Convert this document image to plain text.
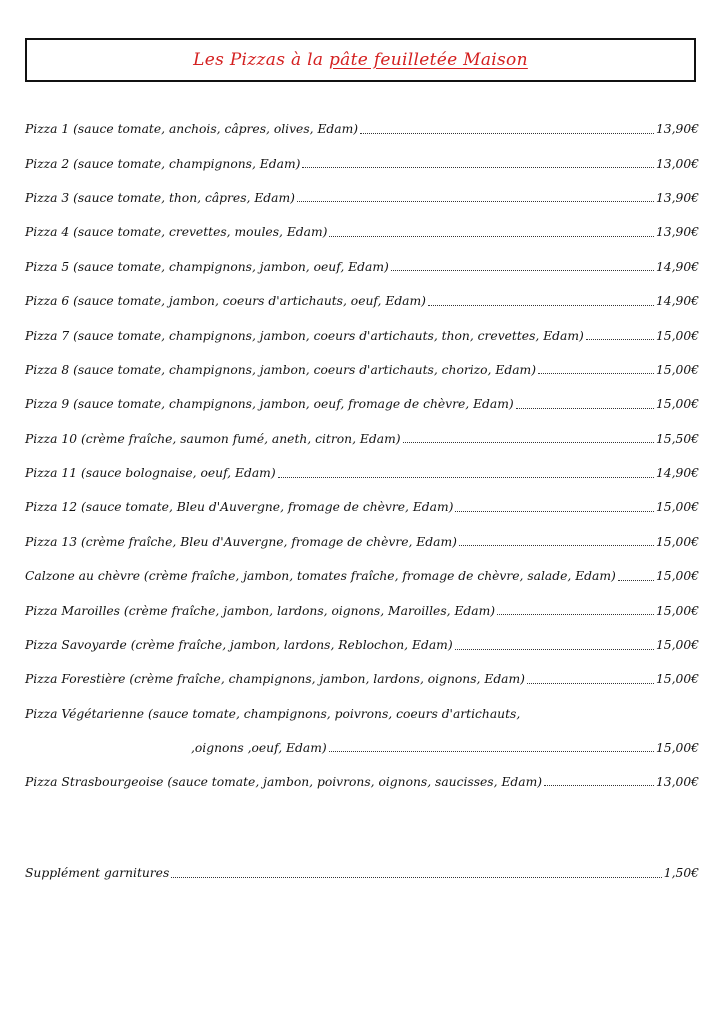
Les Pizzas à la pâte feuilletée Maison
Pizza 1 (sauce tomate, anchois, câpres, olives, Edam)	13,90€
Pizza 2 (sauce tomate, champignons, Edam)	13,00€
Pizza 3 (sauce tomate, thon, câpres, Edam)	13,90€
Pizza 4 (sauce tomate, crevettes, moules, Edam)	13,90€
Pizza 5 (sauce tomate, champignons, jambon, oeuf, Edam)	14,90€
Pizza 6 (sauce tomate, jambon, coeurs d'artichauts, oeuf, Edam)	14,90€
Pizza 7 (sauce tomate, champignons, jambon, coeurs d'artichauts, thon, crevettes, Edam)	15,00€
Pizza 8 (sauce tomate, champignons, jambon, coeurs d'artichauts, chorizo, Edam)	15,00€
Pizza 9 (sauce tomate, champignons, jambon, oeuf, fromage de chèvre, Edam)	15,00€
Pizza 10 (crème fraîche, saumon fumé, aneth, citron, Edam)	15,50€
Pizza 11 (sauce bolognaise, oeuf, Edam)	14,90€
Pizza 12 (sauce tomate, Bleu d'Auvergne, fromage de chèvre, Edam)	15,00€
Pizza 13 (crème fraîche, Bleu d'Auvergne, fromage de chèvre, Edam)	15,00€
Calzone au chèvre (crème fraîche, jambon, tomates fraîche, fromage de chèvre, salade, Edam)	15,00€
Pizza Maroilles (crème fraîche, jambon, lardons, oignons, Maroilles, Edam)	15,00€
Pizza Savoyarde (crème fraîche, jambon, lardons, Reblochon, Edam)	15,00€
Pizza Forestière (crème fraîche, champignons, jambon, lardons, oignons, Edam)	15,00€
Pizza Végétarienne (sauce tomate, champignons, poivrons, coeurs d'artichauts,
,oignons ,oeuf, Edam)	15,00€
Pizza Strasbourgeoise (sauce tomate, jambon, poivrons, oignons, saucisses, Edam)	13,00€
Supplément garnitures	1,50€
